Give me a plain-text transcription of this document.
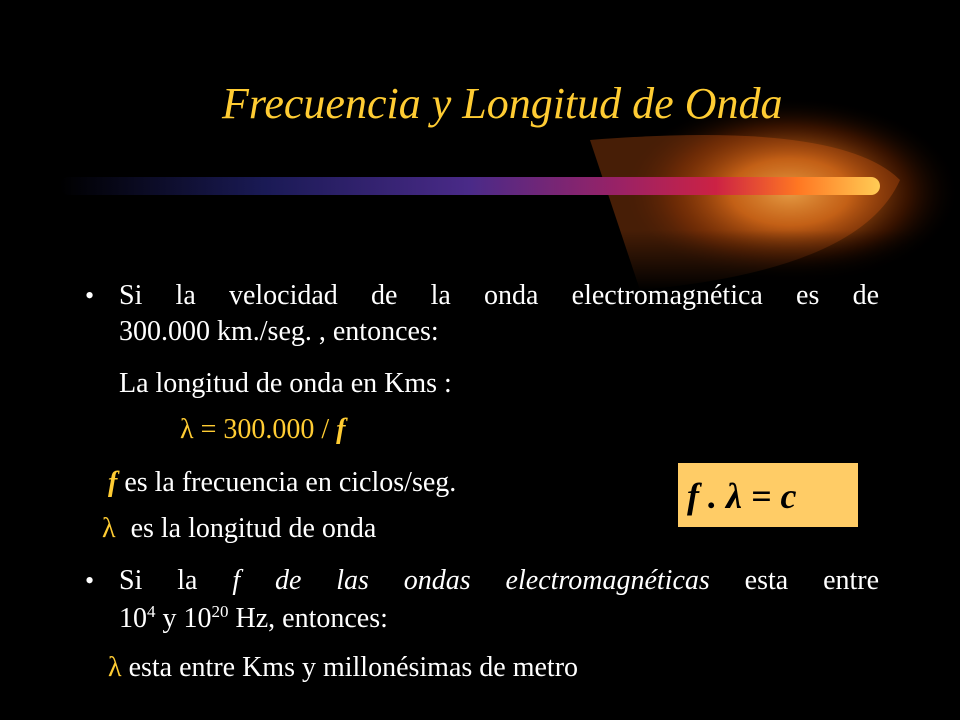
Frecuencia y Longitud de Onda
• Si la velocidad de la onda electromagnética es de
300.000 km./seg. , entonces:
La longitud de onda en Kms :
λ = 300.000 / f
f es la frecuencia en ciclos/seg.
λ es la longitud de onda
f . λ = c
• Si la f de las ondas electromagnéticas esta entre
$10^4$ y $10^{20}$ Hz, entonces:
λ esta entre Kms y millonésimas de metro
